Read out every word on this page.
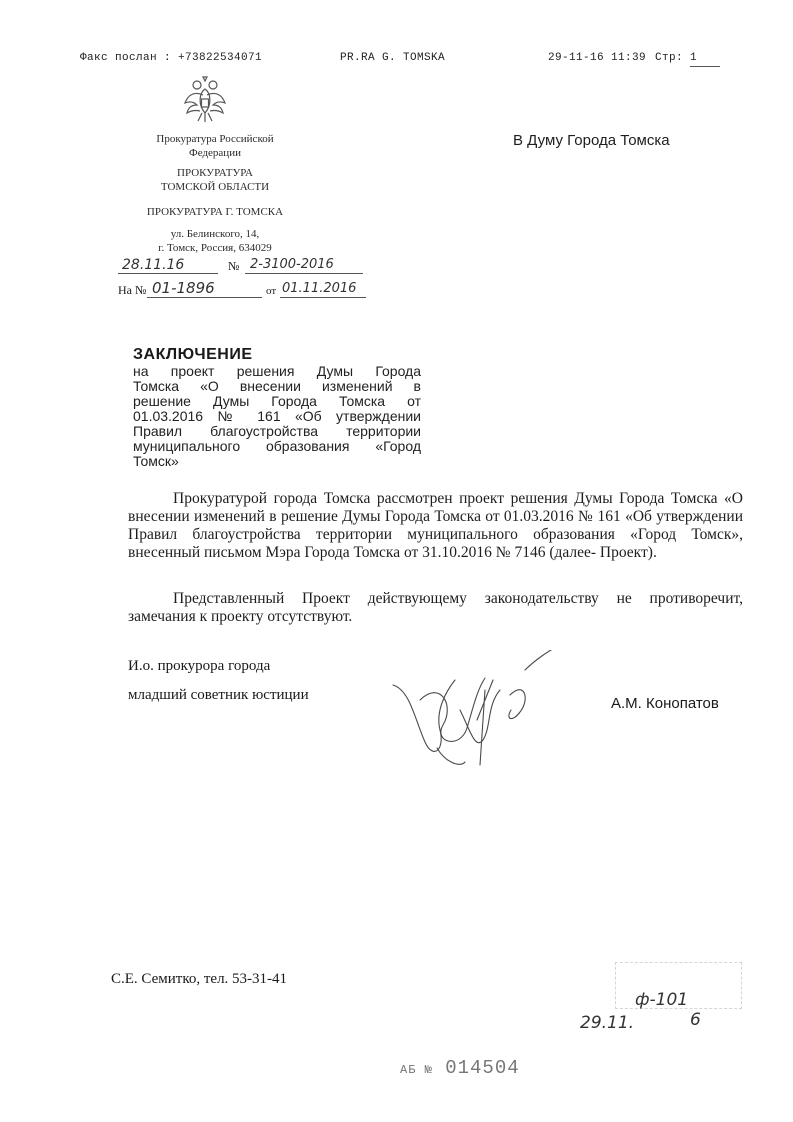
Факс послан : +73822534071	PR.RA G. TOMSKA	29-11-16 11:39 Стр: 1
Прокуратура Российской
Федерации
ПРОКУРАТУРА
ТОМСКОЙ ОБЛАСТИ
ПРОКУРАТУРА Г. ТОМСКА
ул. Белинского, 14,
г. Томск, Россия, 634029
28.11.16	№ 2-3100-2016
На № 01-1896	от 01.11.2016
В Думу Города Томска
ЗАКЛЮЧЕНИЕ
на проект решения Думы Города
Томска «О внесении изменений в
решение Думы Города Томска от
01.03.2016 № 161 «Об утверждении
Правил благоустройства территории
муниципального образования «Город
Томск»
Прокуратурой города Томска рассмотрен проект решения Думы Города Томска «О внесении изменений в решение Думы Города Томска от 01.03.2016 № 161 «Об утверждении Правил благоустройства территории муниципального образования «Город Томск», внесенный письмом Мэра Города Томска от 31.10.2016 № 7146 (далее- Проект).
Представленный Проект действующему законодательству не противоречит, замечания к проекту отсутствуют.
И.о. прокурора города
младший советник юстиции	А.М. Конопатов
С.Е. Семитко, тел. 53-31-41
ф-101
29.11.	6
АБ № 014504
